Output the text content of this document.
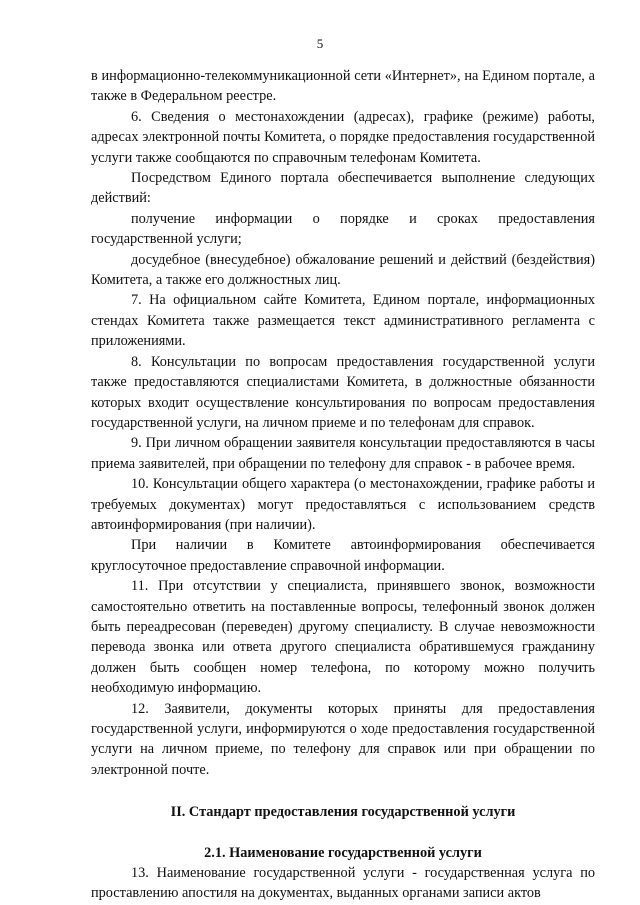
5

в информационно-телекоммуникационной сети «Интернет», на Едином портале, а также в Федеральном реестре.

6. Сведения о местонахождении (адресах), графике (режиме) работы, адресах электронной почты Комитета, о порядке предоставления государственной услуги также сообщаются по справочным телефонам Комитета.

Посредством Единого портала обеспечивается выполнение следующих действий:

получение информации о порядке и сроках предоставления государственной услуги;

досудебное (внесудебное) обжалование решений и действий (бездействия) Комитета, а также его должностных лиц.

7. На официальном сайте Комитета, Едином портале, информационных стендах Комитета также размещается текст административного регламента с приложениями.

8. Консультации по вопросам предоставления государственной услуги также предоставляются специалистами Комитета, в должностные обязанности которых входит осуществление консультирования по вопросам предоставления государственной услуги, на личном приеме и по телефонам для справок.

9. При личном обращении заявителя консультации предоставляются в часы приема заявителей, при обращении по телефону для справок - в рабочее время.

10. Консультации общего характера (о местонахождении, графике работы и требуемых документах) могут предоставляться с использованием средств автоинформирования (при наличии).

При наличии в Комитете автоинформирования обеспечивается круглосуточное предоставление справочной информации.

11. При отсутствии у специалиста, принявшего звонок, возможности самостоятельно ответить на поставленные вопросы, телефонный звонок должен быть переадресован (переведен) другому специалисту. В случае невозможности перевода звонка или ответа другого специалиста обратившемуся гражданину должен быть сообщен номер телефона, по которому можно получить необходимую информацию.

12. Заявители, документы которых приняты для предоставления государственной услуги, информируются о ходе предоставления государственной услуги на личном приеме, по телефону для справок или при обращении по электронной почте.

II. Стандарт предоставления государственной услуги
2.1. Наименование государственной услуги

13. Наименование государственной услуги - государственная услуга по проставлению апостиля на документах, выданных органами записи актов
